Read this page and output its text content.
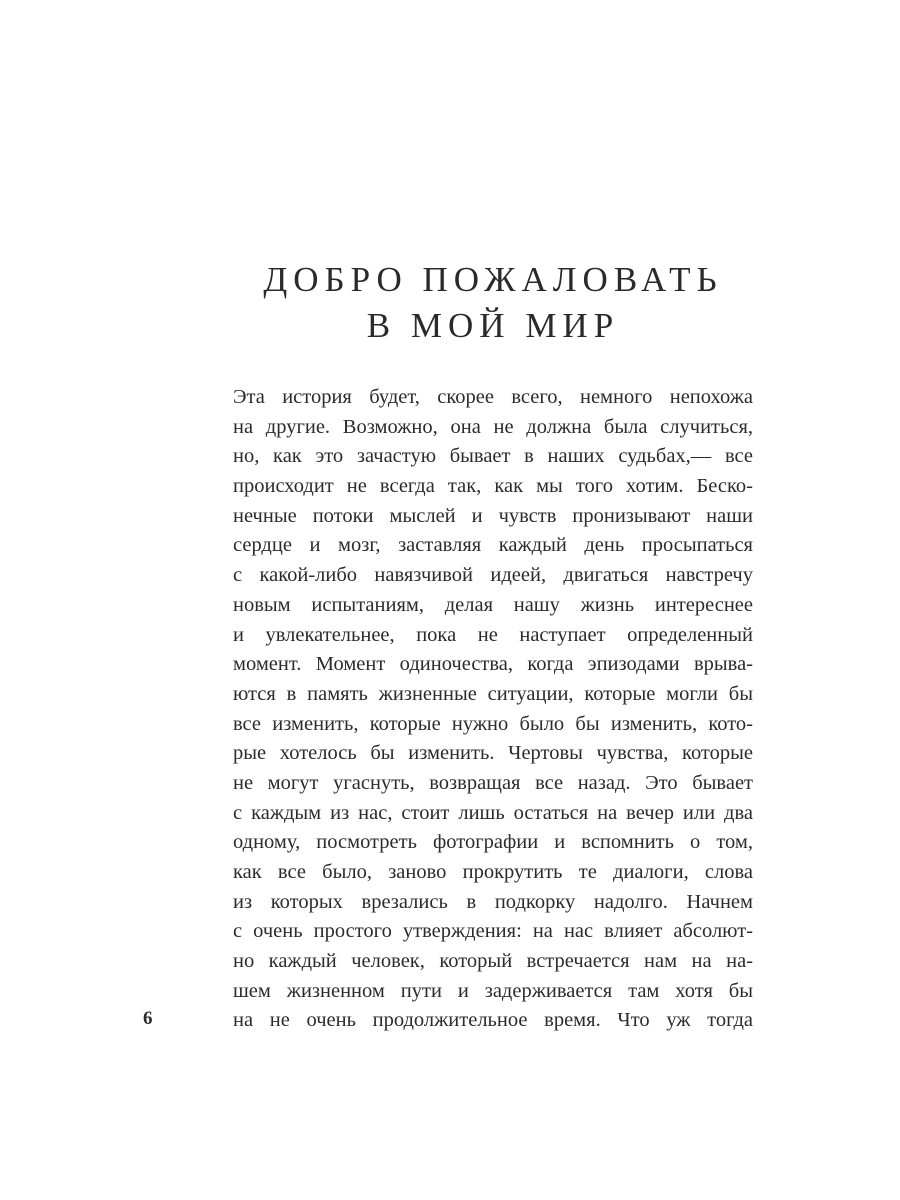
ДОБРО ПОЖАЛОВАТЬ
В МОЙ МИР
Эта история будет, скорее всего, немного непохожа
на другие. Возможно, она не должна была случиться,
но, как это зачастую бывает в наших судьбах,— все
происходит не всегда так, как мы того хотим. Беско-
нечные потоки мыслей и чувств пронизывают наши
сердце и мозг, заставляя каждый день просыпаться
с какой-либо навязчивой идеей, двигаться навстречу
новым испытаниям, делая нашу жизнь интереснее
и увлекательнее, пока не наступает определенный
момент. Момент одиночества, когда эпизодами врыва-
ются в память жизненные ситуации, которые могли бы
все изменить, которые нужно было бы изменить, кото-
рые хотелось бы изменить. Чертовы чувства, которые
не могут угаснуть, возвращая все назад. Это бывает
с каждым из нас, стоит лишь остаться на вечер или два
одному, посмотреть фотографии и вспомнить о том,
как все было, заново прокрутить те диалоги, слова
из которых врезались в подкорку надолго. Начнем
с очень простого утверждения: на нас влияет абсолют-
но каждый человек, который встречается нам на на-
шем жизненном пути и задерживается там хотя бы
на не очень продолжительное время. Что уж тогда
6
